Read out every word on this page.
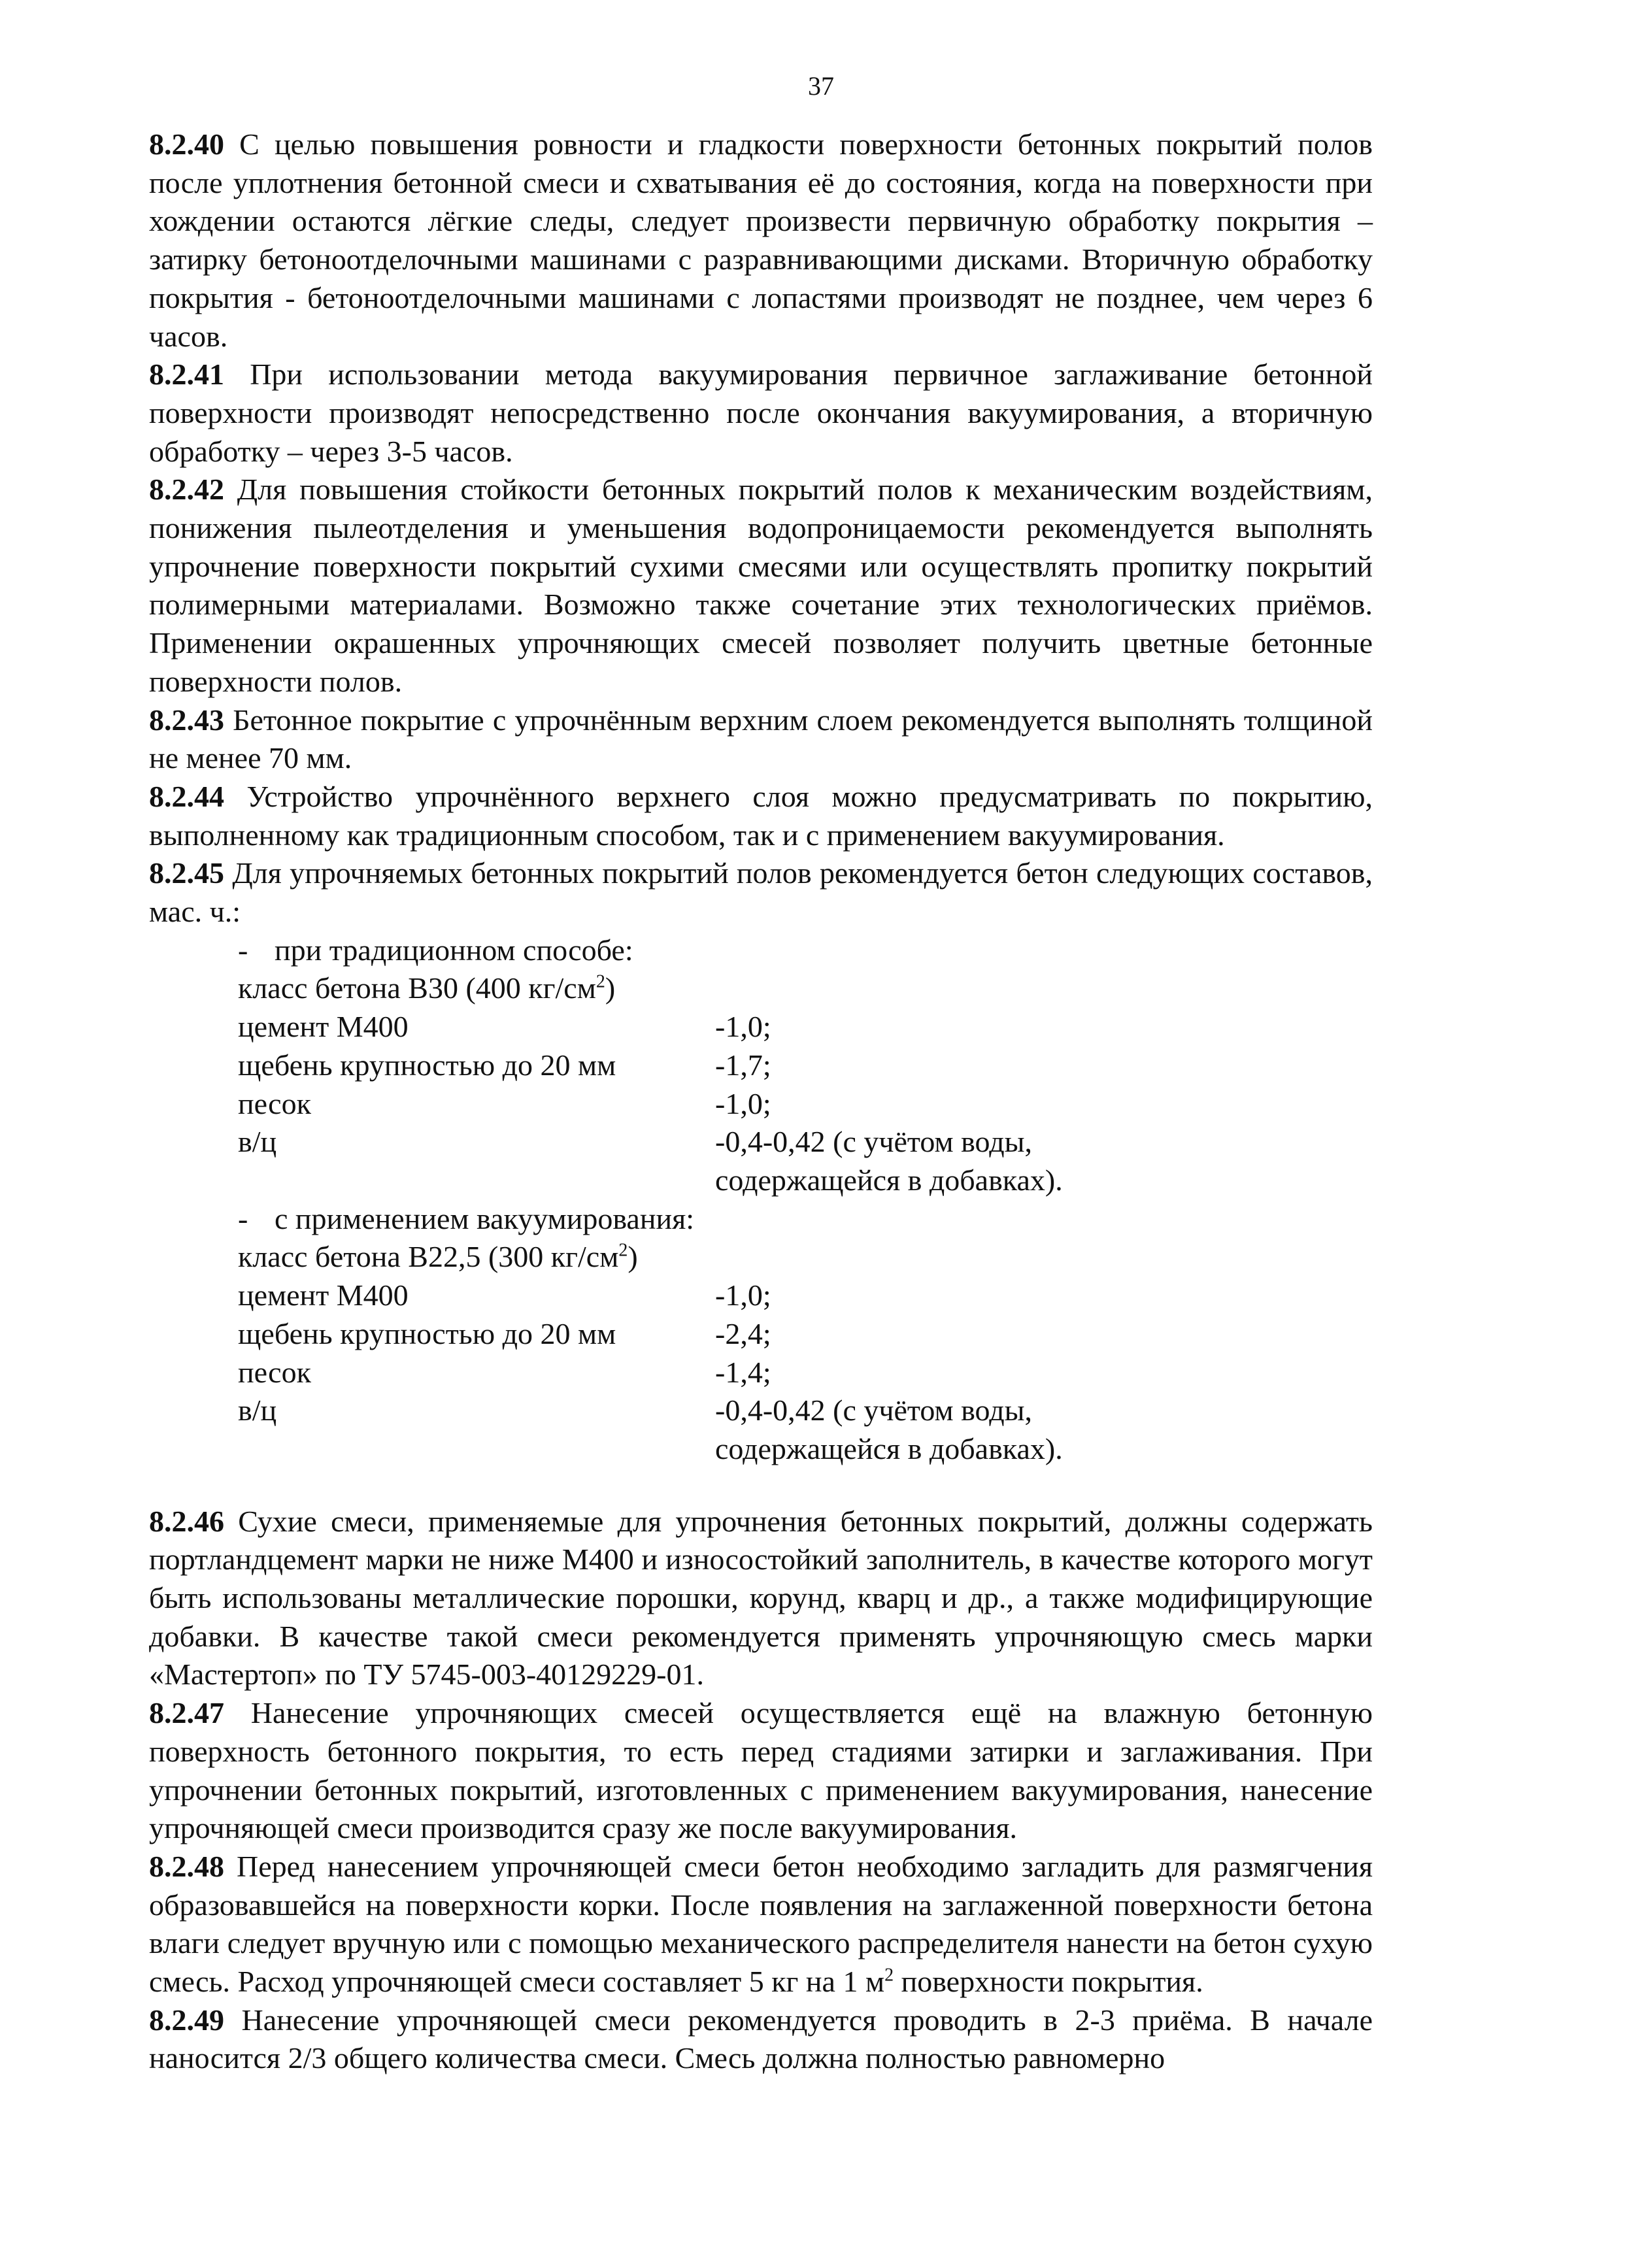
37

8.2.40 С целью повышения ровности и гладкости поверхности бетонных покрытий полов после уплотнения бетонной смеси и схватывания её до состояния, когда на поверхности при хождении остаются лёгкие следы, следует произвести первичную обработку покрытия – затирку бетоноотделочными машинами с разравнивающими дисками. Вторичную обработку покрытия - бетоноотделочными машинами с лопастями производят не позднее, чем через 6 часов.

8.2.41 При использовании метода вакуумирования первичное заглаживание бетонной поверхности производят непосредственно после окончания вакуумирования, а вторичную обработку – через 3-5 часов.

8.2.42 Для повышения стойкости бетонных покрытий полов к механическим воздействиям, понижения пылеотделения и уменьшения водопроницаемости рекомендуется выполнять упрочнение поверхности покрытий сухими смесями или осуществлять пропитку покрытий полимерными материалами. Возможно также сочетание этих технологических приёмов. Применении окрашенных упрочняющих смесей позволяет получить цветные бетонные поверхности полов.

8.2.43 Бетонное покрытие с упрочнённым верхним слоем рекомендуется выполнять толщиной не менее 70 мм.

8.2.44 Устройство упрочнённого верхнего слоя можно предусматривать по покрытию, выполненному как традиционным способом, так и с применением вакуумирования.

8.2.45 Для упрочняемых бетонных покрытий полов рекомендуется бетон следующих составов, мас. ч.:

- при традиционном способе:

класс бетона В30 (400 $кг/см^2$)

цемент М400	-1,0;
щебень крупностью до 20 мм	-1,7;
песок	-1,0;
в/ц	-0,4-0,42 (с учётом воды,
содержащейся в добавках).

- с применением вакуумирования:

класс бетона В22,5 (300 $кг/см^2$)

цемент М400	-1,0;
щебень крупностью до 20 мм	-2,4;
песок	-1,4;
в/ц	-0,4-0,42 (с учётом воды,
содержащейся в добавках).

8.2.46 Сухие смеси, применяемые для упрочнения бетонных покрытий, должны содержать портландцемент марки не ниже М400 и износостойкий заполнитель, в качестве которого могут быть использованы металлические порошки, корунд, кварц и др., а также модифицирующие добавки. В качестве такой смеси рекомендуется применять упрочняющую смесь марки «Мастертоп» по ТУ 5745-003-40129229-01.

8.2.47 Нанесение упрочняющих смесей осуществляется ещё на влажную бетонную поверхность бетонного покрытия, то есть перед стадиями затирки и заглаживания. При упрочнении бетонных покрытий, изготовленных с применением вакуумирования, нанесение упрочняющей смеси производится сразу же после вакуумирования.

8.2.48 Перед нанесением упрочняющей смеси бетон необходимо загладить для размягчения образовавшейся на поверхности корки. После появления на заглаженной поверхности бетона влаги следует вручную или с помощью механического распределителя нанести на бетон сухую смесь. Расход упрочняющей смеси составляет 5 кг на 1 $м^2$ поверхности покрытия.

8.2.49 Нанесение упрочняющей смеси рекомендуется проводить в 2-3 приёма. В начале наносится 2/3 общего количества смеси. Смесь должна полностью равномерно
